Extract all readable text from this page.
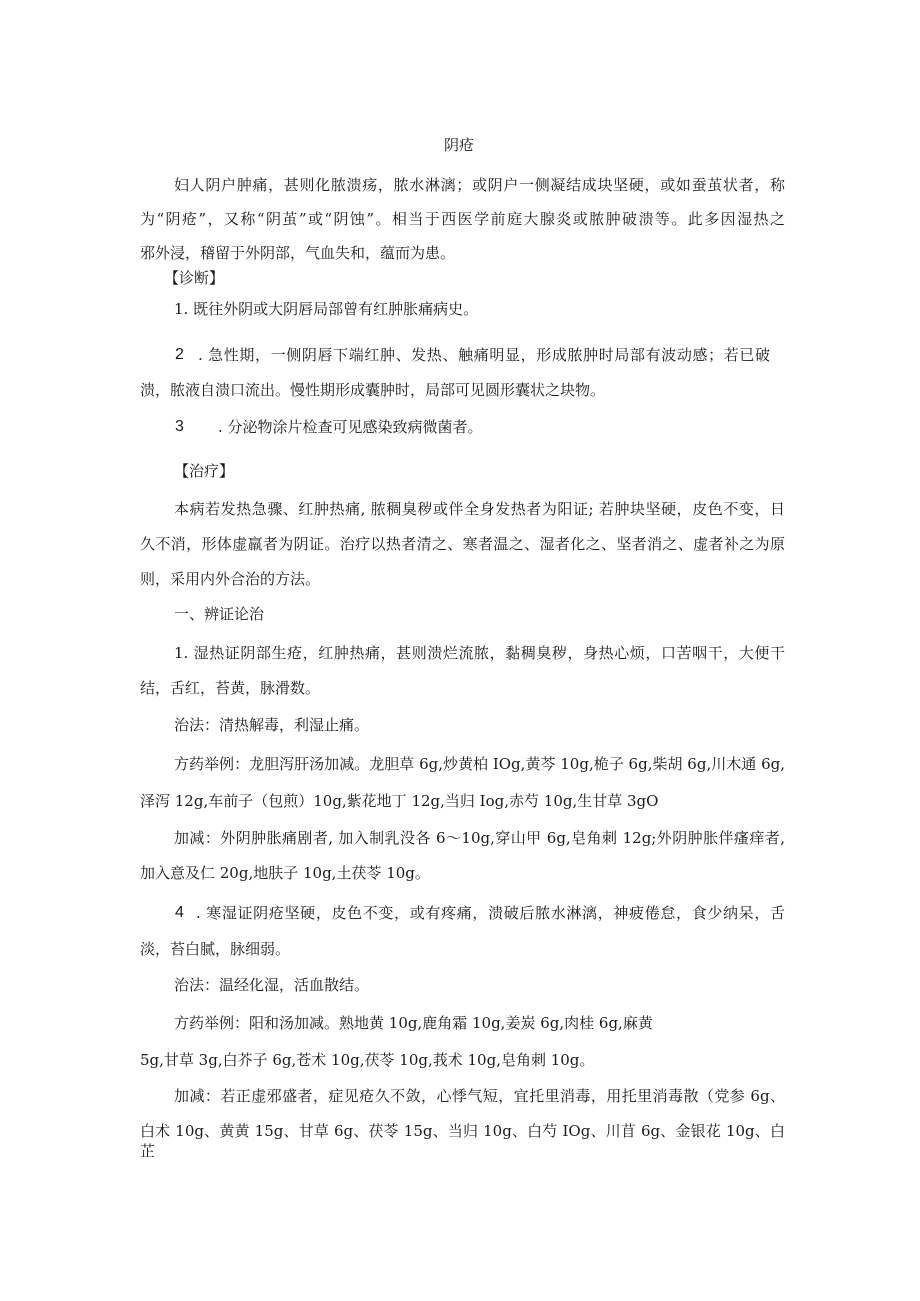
阴疮
妇人阴户肿痛，甚则化脓溃疡，脓水淋漓；或阴户一侧凝结成块坚硬，或如蚕茧状者，称
为“阴疮”，又称“阴茧”或“阴蚀”。相当于西医学前庭大腺炎或脓肿破溃等。此多因湿热之
邪外浸，稽留于外阴部，气血失和，蕴而为患。
【诊断】
1. 既往外阴或大阴唇局部曾有红肿胀痛病史。
2 . 急性期，一侧阴唇下端红肿、发热、触痛明显，形成脓肿时局部有波动感；若已破
溃，脓液自溃口流出。慢性期形成囊肿时，局部可见圆形囊状之块物。
3 . 分泌物涂片检查可见感染致病微菌者。
【治疗】
本病若发热急骤、红肿热痛, 脓稠臭秽或伴全身发热者为阳证; 若肿块坚硬，皮色不变，日
久不消，形体虚羸者为阴证。治疗以热者清之、寒者温之、湿者化之、坚者消之、虚者补之为原
则，采用内外合治的方法。
一、辨证论治
1. 湿热证阴部生疮，红肿热痛，甚则溃烂流脓，黏稠臭秽，身热心烦，口苦咽干，大便干
结，舌红，苔黄，脉滑数。
治法：清热解毒，利湿止痛。
方药举例：龙胆泻肝汤加减。龙胆草 6g,炒黄柏 IOg,黄芩 10g,桅子 6g,柴胡 6g,川木通 6g,
泽泻 12g,车前子（包煎）10g,紫花地丁 12g,当归 Iog,赤芍 10g,生甘草 3gO
加减：外阴肿胀痛剧者, 加入制乳没各 6～10g,穿山甲 6g,皂角刺 12g;外阴肿胀伴瘙痒者,
加入意及仁 20g,地肤子 10g,土茯苓 10g。
4 . 寒湿证阴疮坚硬，皮色不变，或有疼痛，溃破后脓水淋漓，神疲倦怠，食少纳呆，舌
淡，苔白腻，脉细弱。
治法：温经化湿，活血散结。
方药举例：阳和汤加减。熟地黄 10g,鹿角霜 10g,姜炭 6g,肉桂 6g,麻黄
5g,甘草 3g,白芥子 6g,苍术 10g,茯苓 10g,莪术 10g,皂角刺 10g。
加减：若正虚邪盛者，症见疮久不敛，心悸气短，宜托里消毒，用托里消毒散（党参 6g、
白术 10g、黄黄 15g、甘草 6g、茯苓 15g、当归 10g、白芍 IOg、川苜 6g、金银花 10g、白芷
